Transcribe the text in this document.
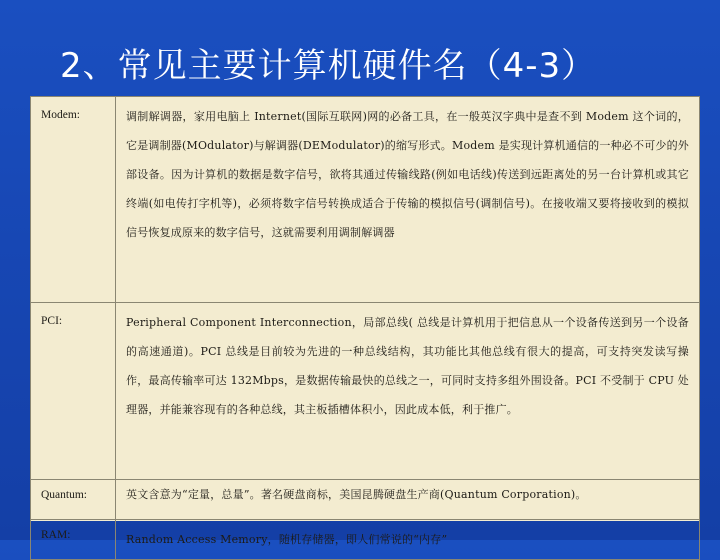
2、常见主要计算机硬件名（4-3）
Modem:	调制解调器，家用电脑上 Internet(国际互联网)网的必备工具，在一般英汉字典中是查不到 Modem 这个词的，它是调制器(MOdulator)与解调器(DEModulator)的缩写形式。Modem 是实现计算机通信的一种必不可少的外部设备。因为计算机的数据是数字信号，欲将其通过传输线路(例如电话线)传送到远距离处的另一台计算机或其它终端(如电传打字机等)，必须将数字信号转换成适合于传输的模拟信号(调制信号)。在接收端又要将接收到的模拟信号恢复成原来的数字信号，这就需要利用调制解调器
PCI:	Peripheral Component Interconnection，局部总线( 总线是计算机用于把信息从一个设备传送到另一个设备的高速通道)。PCI 总线是目前较为先进的一种总线结构，其功能比其他总线有很大的提高，可支持突发读写操作，最高传输率可达 132Mbps，是数据传输最快的总线之一，可同时支持多组外围设备。PCI 不受制于 CPU 处理器，并能兼容现有的各种总线，其主板插槽体积小，因此成本低，利于推广。
Quantum:	英文含意为“定量，总量”。著名硬盘商标，美国昆腾硬盘生产商(Quantum Corporation)。
RAM:	Random Access Memory，随机存储器，即人们常说的“内存”
